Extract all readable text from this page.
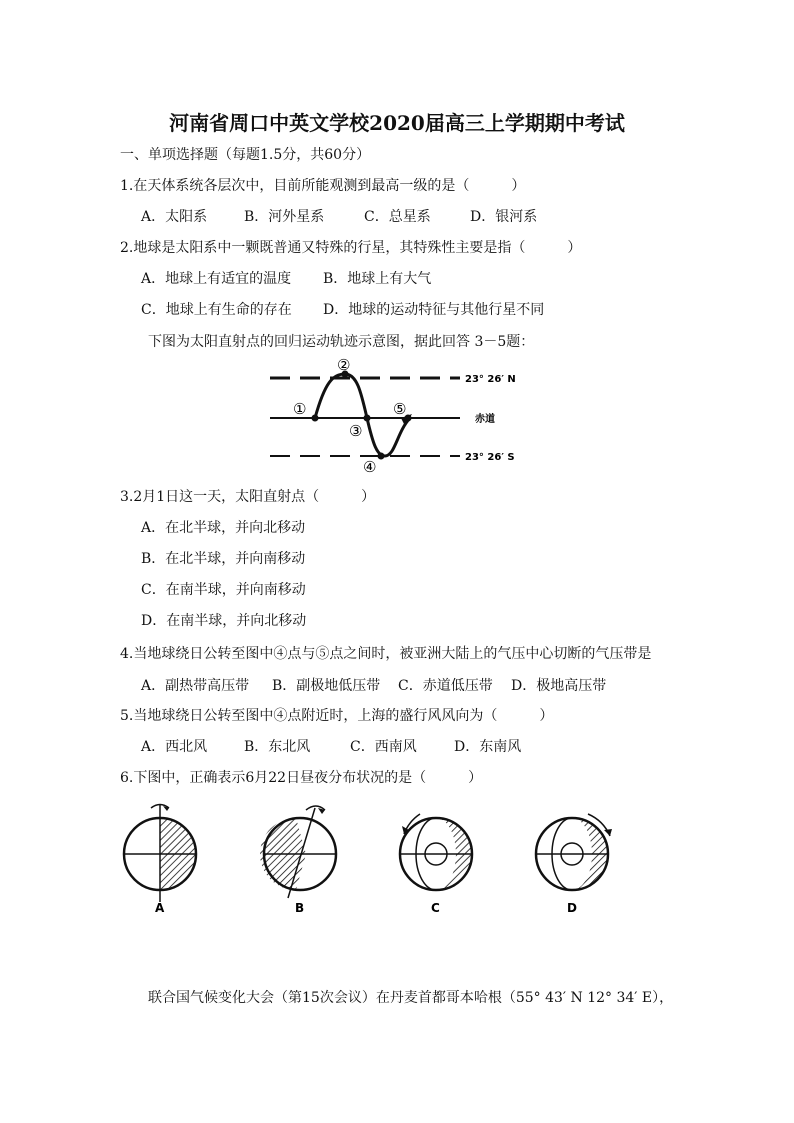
河南省周口中英文学校2020届高三上学期期中考试
一、单项选择题（每题1.5分，共60分）
1.在天体系统各层次中，目前所能观测到最高一级的是（　　　）
A．太阳系	B．河外星系	C．总星系	D．银河系
2.地球是太阳系中一颗既普通又特殊的行星，其特殊性主要是指（　　　）
A．地球上有适宜的温度 B．地球上有大气
C．地球上有生命的存在 D．地球的运动特征与其他行星不同
下图为太阳直射点的回归运动轨迹示意图，据此回答 3－5题：
①
②
③
④
⑤
23° 26′ N
赤道
23° 26′ S
3.2月1日这一天，太阳直射点（　　　）
A．在北半球，并向北移动
B．在北半球，并向南移动
C．在南半球，并向南移动
D．在南半球，并向北移动
4.当地球绕日公转至图中④点与⑤点之间时，被亚洲大陆上的气压中心切断的气压带是
A．副热带高压带 B．副极地低压带 C．赤道低压带 D．极地高压带
5.当地球绕日公转至图中④点附近时，上海的盛行风风向为（　　　）
A．西北风	B．东北风	C．西南风	D．东南风
6.下图中，正确表示6月22日昼夜分布状况的是（　　　）
A	B	C	D
联合国气候变化大会（第15次会议）在丹麦首都哥本哈根（55° 43′ N 12° 34′ E），
